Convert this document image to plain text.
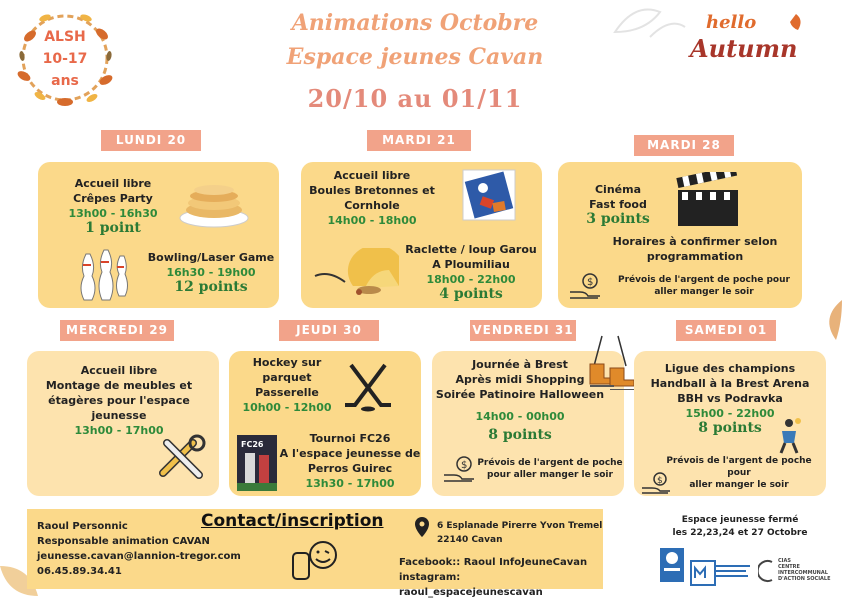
ALSH
10-17
ans
Animations Octobre
Espace jeunes Cavan
20/10 au 01/11
hello
Autumn
LUNDI 20
Accueil libre
Crêpes Party
13h00 - 16h30
1 point
Bowling/Laser Game
16h30 - 19h00
12 points
MARDI 21
Accueil libre
Boules Bretonnes et
Cornhole
14h00 - 18h00
Raclette / loup Garou
A Ploumiliau
18h00 - 22h00
4 points
MARDI 28
Cinéma
Fast food
3 points
Horaires à confirmer selon
programmation
$	Prévois de l'argent de poche pour
aller manger le soir
MERCREDI 29
Accueil libre
Montage de meubles et
étagères pour l'espace
jeunesse
13h00 - 17h00
JEUDI 30
Hockey sur
parquet
Passerelle
10h00 - 12h00
FC26	Tournoi FC26
A l'espace jeunesse de
Perros Guirec
13h30 - 17h00
VENDREDI 31
Journée à Brest
Après midi Shopping
Soirée Patinoire Halloween
14h00 - 00h00
8 points
$ Prévois de l'argent de poche
pour aller manger le soir
SAMEDI 01
Ligue des champions
Handball à la Brest Arena
BBH vs Podravka
15h00 - 22h00
8 points
$
Prévois de l'argent de poche pour
aller manger le soir
Raoul Personnic
Responsable animation CAVAN
jeunesse.cavan@lannion-tregor.com
06.45.89.34.41
Contact/inscription	6 Esplanade Pirerre Yvon Tremel
22140 Cavan
Facebook:: Raoul InfoJeuneCavan
instagram: raoul_espacejeunescavan
Espace jeunesse fermé
les 22,23,24 et 27 Octobre
CIAS
CENTRE
INTERCOMMUNAL
D'ACTION SOCIALE
